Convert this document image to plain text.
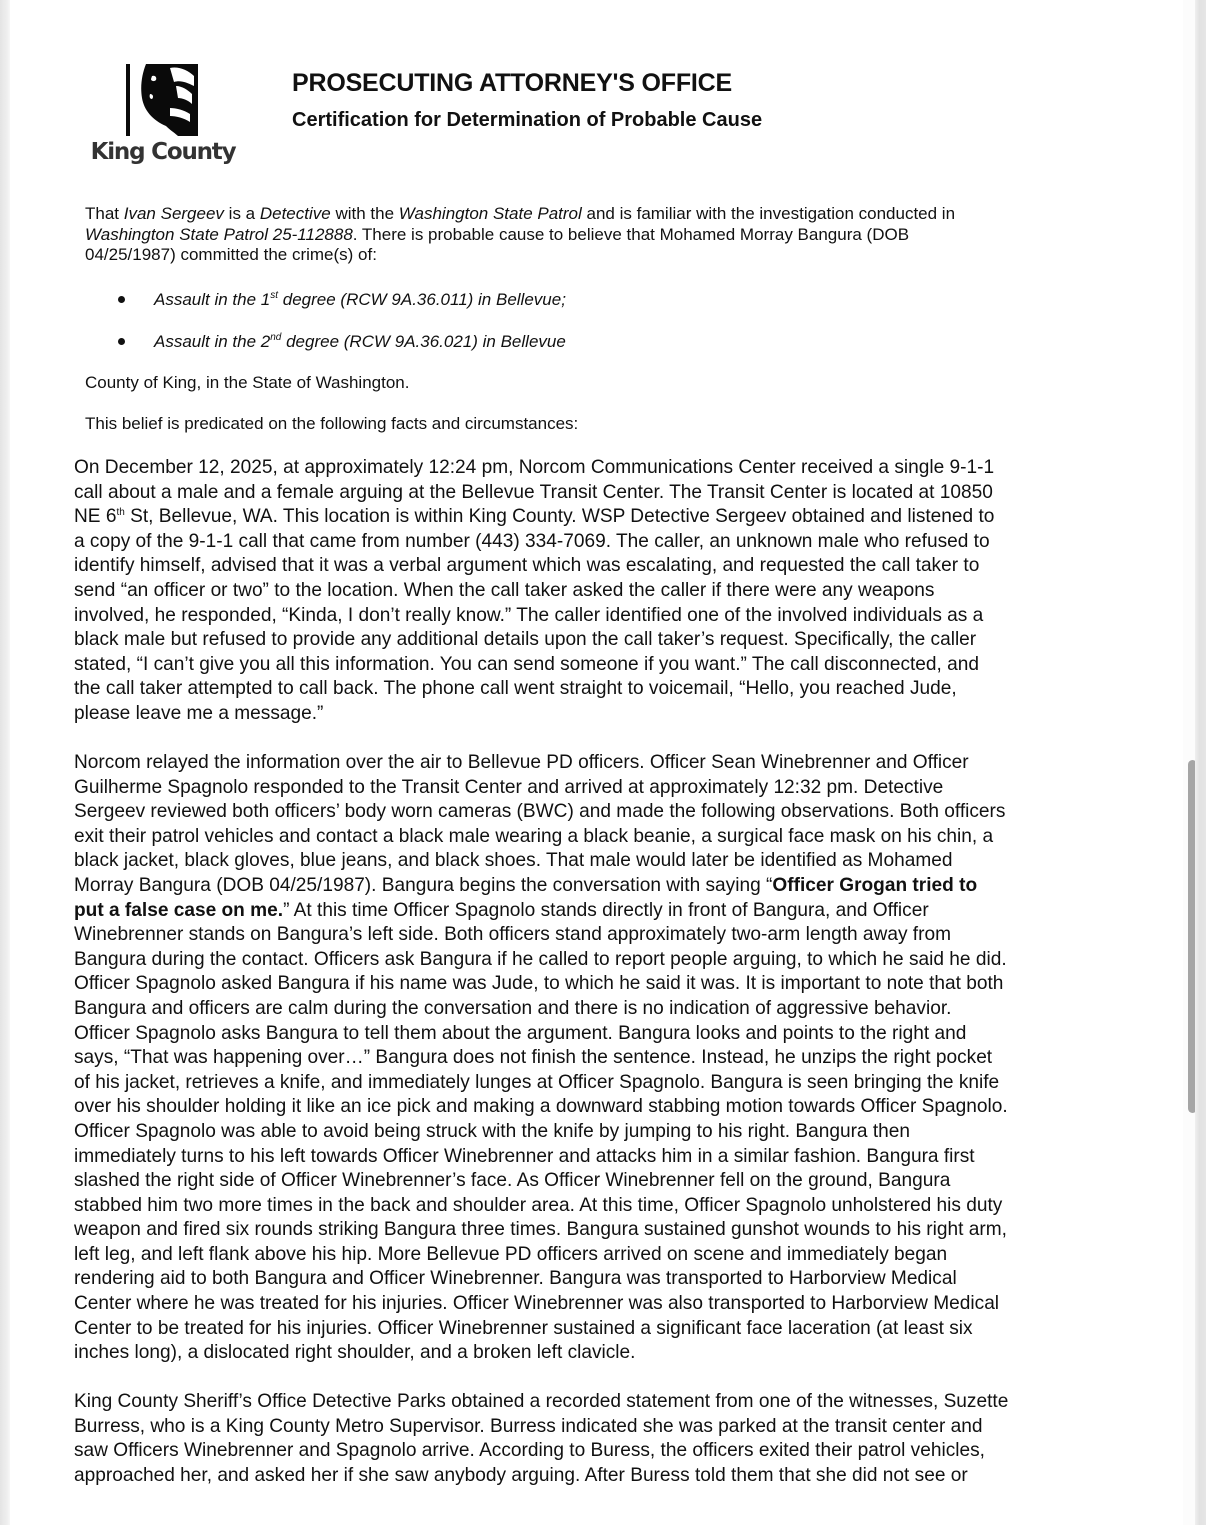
King County
PROSECUTING ATTORNEY'S OFFICE
Certification for Determination of Probable Cause

That Ivan Sergeev is a Detective with the Washington State Patrol and is familiar with the investigation conducted in
Washington State Patrol 25-112888. There is probable cause to believe that Mohamed Morray Bangura (DOB
04/25/1987) committed the crime(s) of:

Assault in the 1st degree (RCW 9A.36.011) in Bellevue;
Assault in the 2nd degree (RCW 9A.36.021) in Bellevue
County of King, in the State of Washington.
This belief is predicated on the following facts and circumstances:

On December 12, 2025, at approximately 12:24 pm, Norcom Communications Center received a single 9-1-1
call about a male and a female arguing at the Bellevue Transit Center. The Transit Center is located at 10850
NE 6th St, Bellevue, WA. This location is within King County. WSP Detective Sergeev obtained and listened to
a copy of the 9-1-1 call that came from number (443) 334-7069. The caller, an unknown male who refused to
identify himself, advised that it was a verbal argument which was escalating, and requested the call taker to
send “an officer or two” to the location. When the call taker asked the caller if there were any weapons
involved, he responded, “Kinda, I don’t really know.” The caller identified one of the involved individuals as a
black male but refused to provide any additional details upon the call taker’s request. Specifically, the caller
stated, “I can’t give you all this information. You can send someone if you want.” The call disconnected, and
the call taker attempted to call back. The phone call went straight to voicemail, “Hello, you reached Jude,
please leave me a message.”

Norcom relayed the information over the air to Bellevue PD officers. Officer Sean Winebrenner and Officer
Guilherme Spagnolo responded to the Transit Center and arrived at approximately 12:32 pm. Detective
Sergeev reviewed both officers’ body worn cameras (BWC) and made the following observations. Both officers
exit their patrol vehicles and contact a black male wearing a black beanie, a surgical face mask on his chin, a
black jacket, black gloves, blue jeans, and black shoes. That male would later be identified as Mohamed
Morray Bangura (DOB 04/25/1987). Bangura begins the conversation with saying “Officer Grogan tried to
put a false case on me.” At this time Officer Spagnolo stands directly in front of Bangura, and Officer
Winebrenner stands on Bangura’s left side. Both officers stand approximately two-arm length away from
Bangura during the contact. Officers ask Bangura if he called to report people arguing, to which he said he did.
Officer Spagnolo asked Bangura if his name was Jude, to which he said it was. It is important to note that both
Bangura and officers are calm during the conversation and there is no indication of aggressive behavior.
Officer Spagnolo asks Bangura to tell them about the argument. Bangura looks and points to the right and
says, “That was happening over…” Bangura does not finish the sentence. Instead, he unzips the right pocket
of his jacket, retrieves a knife, and immediately lunges at Officer Spagnolo. Bangura is seen bringing the knife
over his shoulder holding it like an ice pick and making a downward stabbing motion towards Officer Spagnolo.
Officer Spagnolo was able to avoid being struck with the knife by jumping to his right. Bangura then
immediately turns to his left towards Officer Winebrenner and attacks him in a similar fashion. Bangura first
slashed the right side of Officer Winebrenner’s face. As Officer Winebrenner fell on the ground, Bangura
stabbed him two more times in the back and shoulder area. At this time, Officer Spagnolo unholstered his duty
weapon and fired six rounds striking Bangura three times. Bangura sustained gunshot wounds to his right arm,
left leg, and left flank above his hip. More Bellevue PD officers arrived on scene and immediately began
rendering aid to both Bangura and Officer Winebrenner. Bangura was transported to Harborview Medical
Center where he was treated for his injuries. Officer Winebrenner was also transported to Harborview Medical
Center to be treated for his injuries. Officer Winebrenner sustained a significant face laceration (at least six
inches long), a dislocated right shoulder, and a broken left clavicle.

King County Sheriff’s Office Detective Parks obtained a recorded statement from one of the witnesses, Suzette
Burress, who is a King County Metro Supervisor. Burress indicated she was parked at the transit center and
saw Officers Winebrenner and Spagnolo arrive. According to Buress, the officers exited their patrol vehicles,
approached her, and asked her if she saw anybody arguing. After Buress told them that she did not see or
